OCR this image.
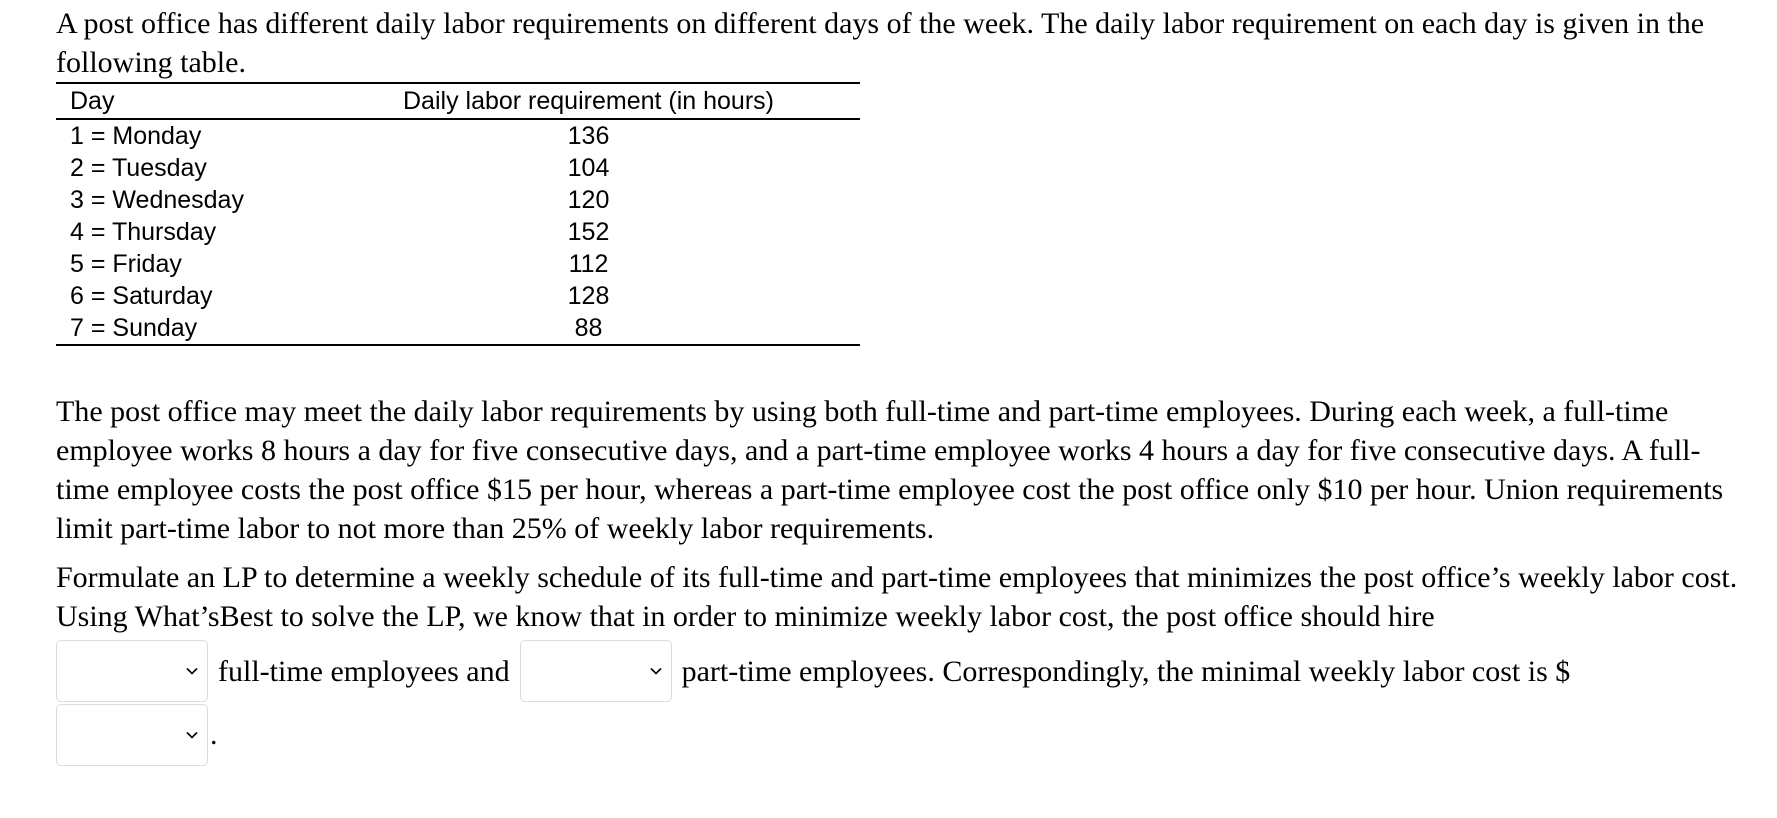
A post office has different daily labor requirements on different days of the week. The daily labor requirement on each day is given in the following table.

Day	Daily labor requirement (in hours)
1 = Monday	136
2 = Tuesday	104
3 = Wednesday	120
4 = Thursday	152
5 = Friday	112
6 = Saturday	128
7 = Sunday	88

The post office may meet the daily labor requirements by using both full-time and part-time employees. During each week, a full-time employee works 8 hours a day for five consecutive days, and a part-time employee works 4 hours a day for five consecutive days. A full-time employee costs the post office $15 per hour, whereas a part-time employee cost the post office only $10 per hour. Union requirements limit part-time labor to not more than 25% of weekly labor requirements.

Formulate an LP to determine a weekly schedule of its full-time and part-time employees that minimizes the post office’s weekly labor cost. Using What’sBest to solve the LP, we know that in order to minimize weekly labor cost, the post office should hire

full-time employees and	part-time employees. Correspondingly, the minimal weekly labor cost is $
.
